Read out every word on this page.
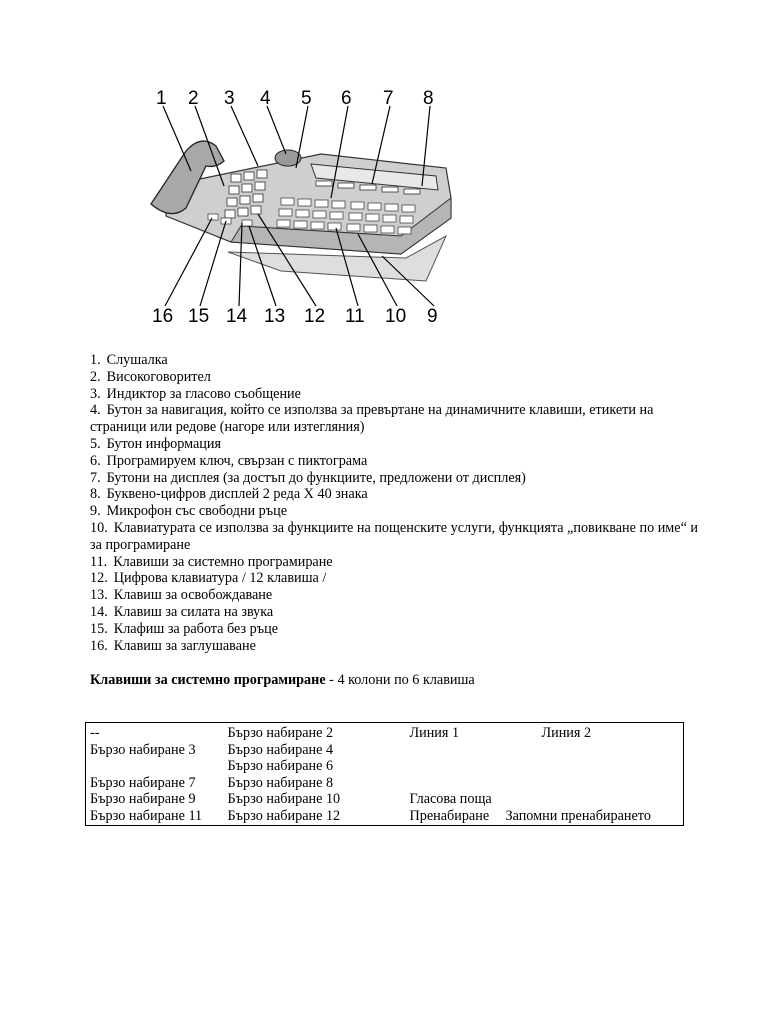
1 2 3 4 5 6 7 8
16 15 14 13 12 11 10 9
1. Слушалка
2. Високоговорител
3. Индиктор за гласово съобщение
4. Бутон за навигация, който се използва за превъртане на динамичните клавиши, етикети на страници или редове (нагоре или изтегляния)
5. Бутон информация
6. Програмируем ключ, свързан с пиктограма
7. Бутони на дисплея (за достъп до функциите, предложени от дисплея)
8. Буквено-цифров дисплей 2 реда Х 40 знака
9. Микрофон със свободни ръце
10. Клавиатурата се използва за функциите на пощенските услуги, функцията „повикване по име“ и за програмиране
11. Клавиши за системно програмиране
12. Цифрова клавиатура / 12 клавиша /
13. Клавиш за освобождаване
14. Клавиш за силата на звука
15. Клафиш за работа без ръце
16. Клавиш за заглушаване
Клавиши за системно програмиране - 4 колони по 6 клавиша
--	Бързо набиране 2	Линия 1	Линия 2
Бързо набиране 3	Бързо набиране 4		
	Бързо набиране 6		
Бързо набиране 7	Бързо набиране 8		
Бързо набиране 9	Бързо набиране 10	Гласова поща	
Бързо набиране 11	Бързо набиране 12	Пренабиране	Запомни пренабирането
